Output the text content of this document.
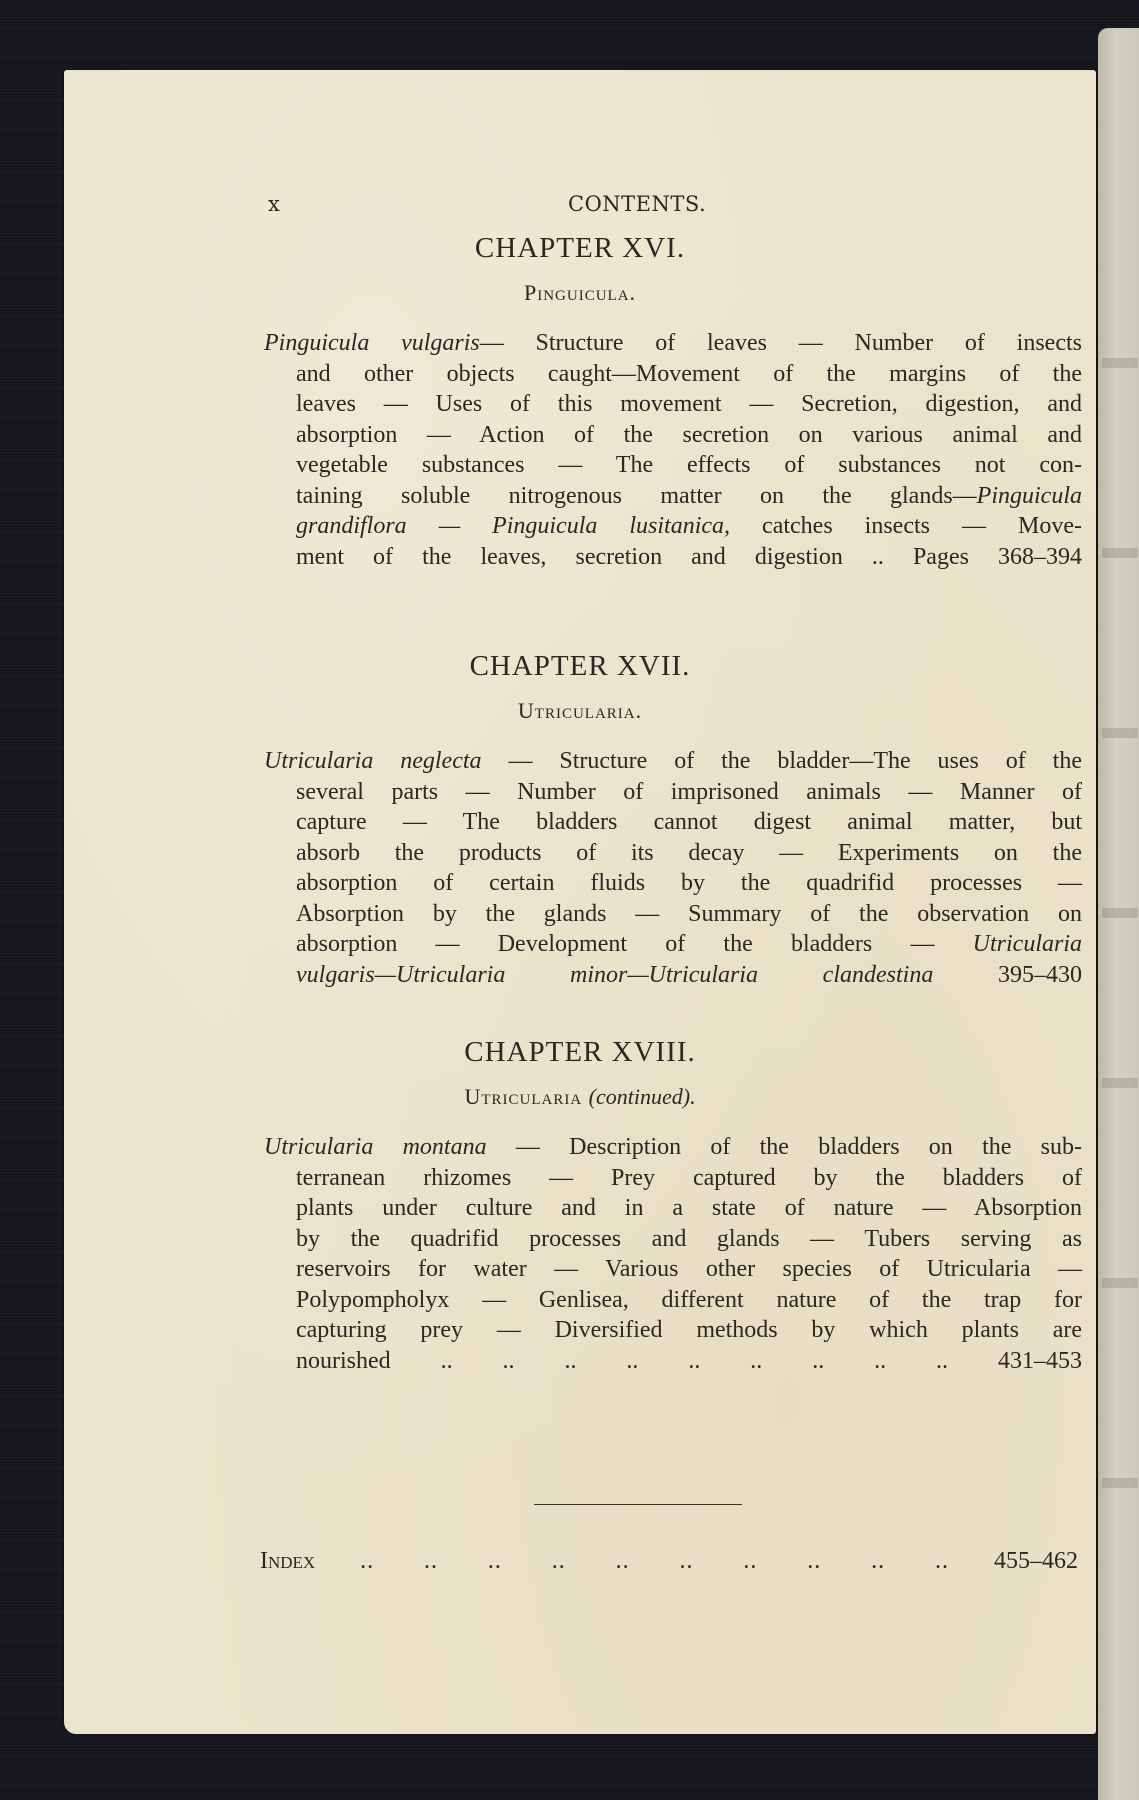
x	CONTENTS.
CHAPTER XVI.
Pinguicula.
Pinguicula vulgaris— Structure of leaves — Number of insects
and other objects caught—Movement of the margins of the
leaves — Uses of this movement — Secretion, digestion, and
absorption — Action of the secretion on various animal and
vegetable substances — The effects of substances not con-
taining soluble nitrogenous matter on the glands—Pinguicula
grandiflora — Pinguicula lusitanica, catches insects — Move-
ment of the leaves, secretion and digestion .. Pages 368–394
CHAPTER XVII.
Utricularia.
Utricularia neglecta — Structure of the bladder—The uses of the
several parts — Number of imprisoned animals — Manner of
capture — The bladders cannot digest animal matter, but
absorb the products of its decay — Experiments on the
absorption of certain fluids by the quadrifid processes —
Absorption by the glands — Summary of the observation on
absorption — Development of the bladders — Utricularia
vulgaris—Utricularia minor—Utricularia clandestina 395–430
CHAPTER XVIII.
Utricularia (continued).
Utricularia montana — Description of the bladders on the sub-
terranean rhizomes — Prey captured by the bladders of
plants under culture and in a state of nature — Absorption
by the quadrifid processes and glands — Tubers serving as
reservoirs for water — Various other species of Utricularia —
Polypompholyx — Genlisea, different nature of the trap for
capturing prey — Diversified methods by which plants are
nourished .. .. .. .. .. .. .. .. .. 431–453
Index .. .. .. .. .. .. .. .. .. .. 455–462
